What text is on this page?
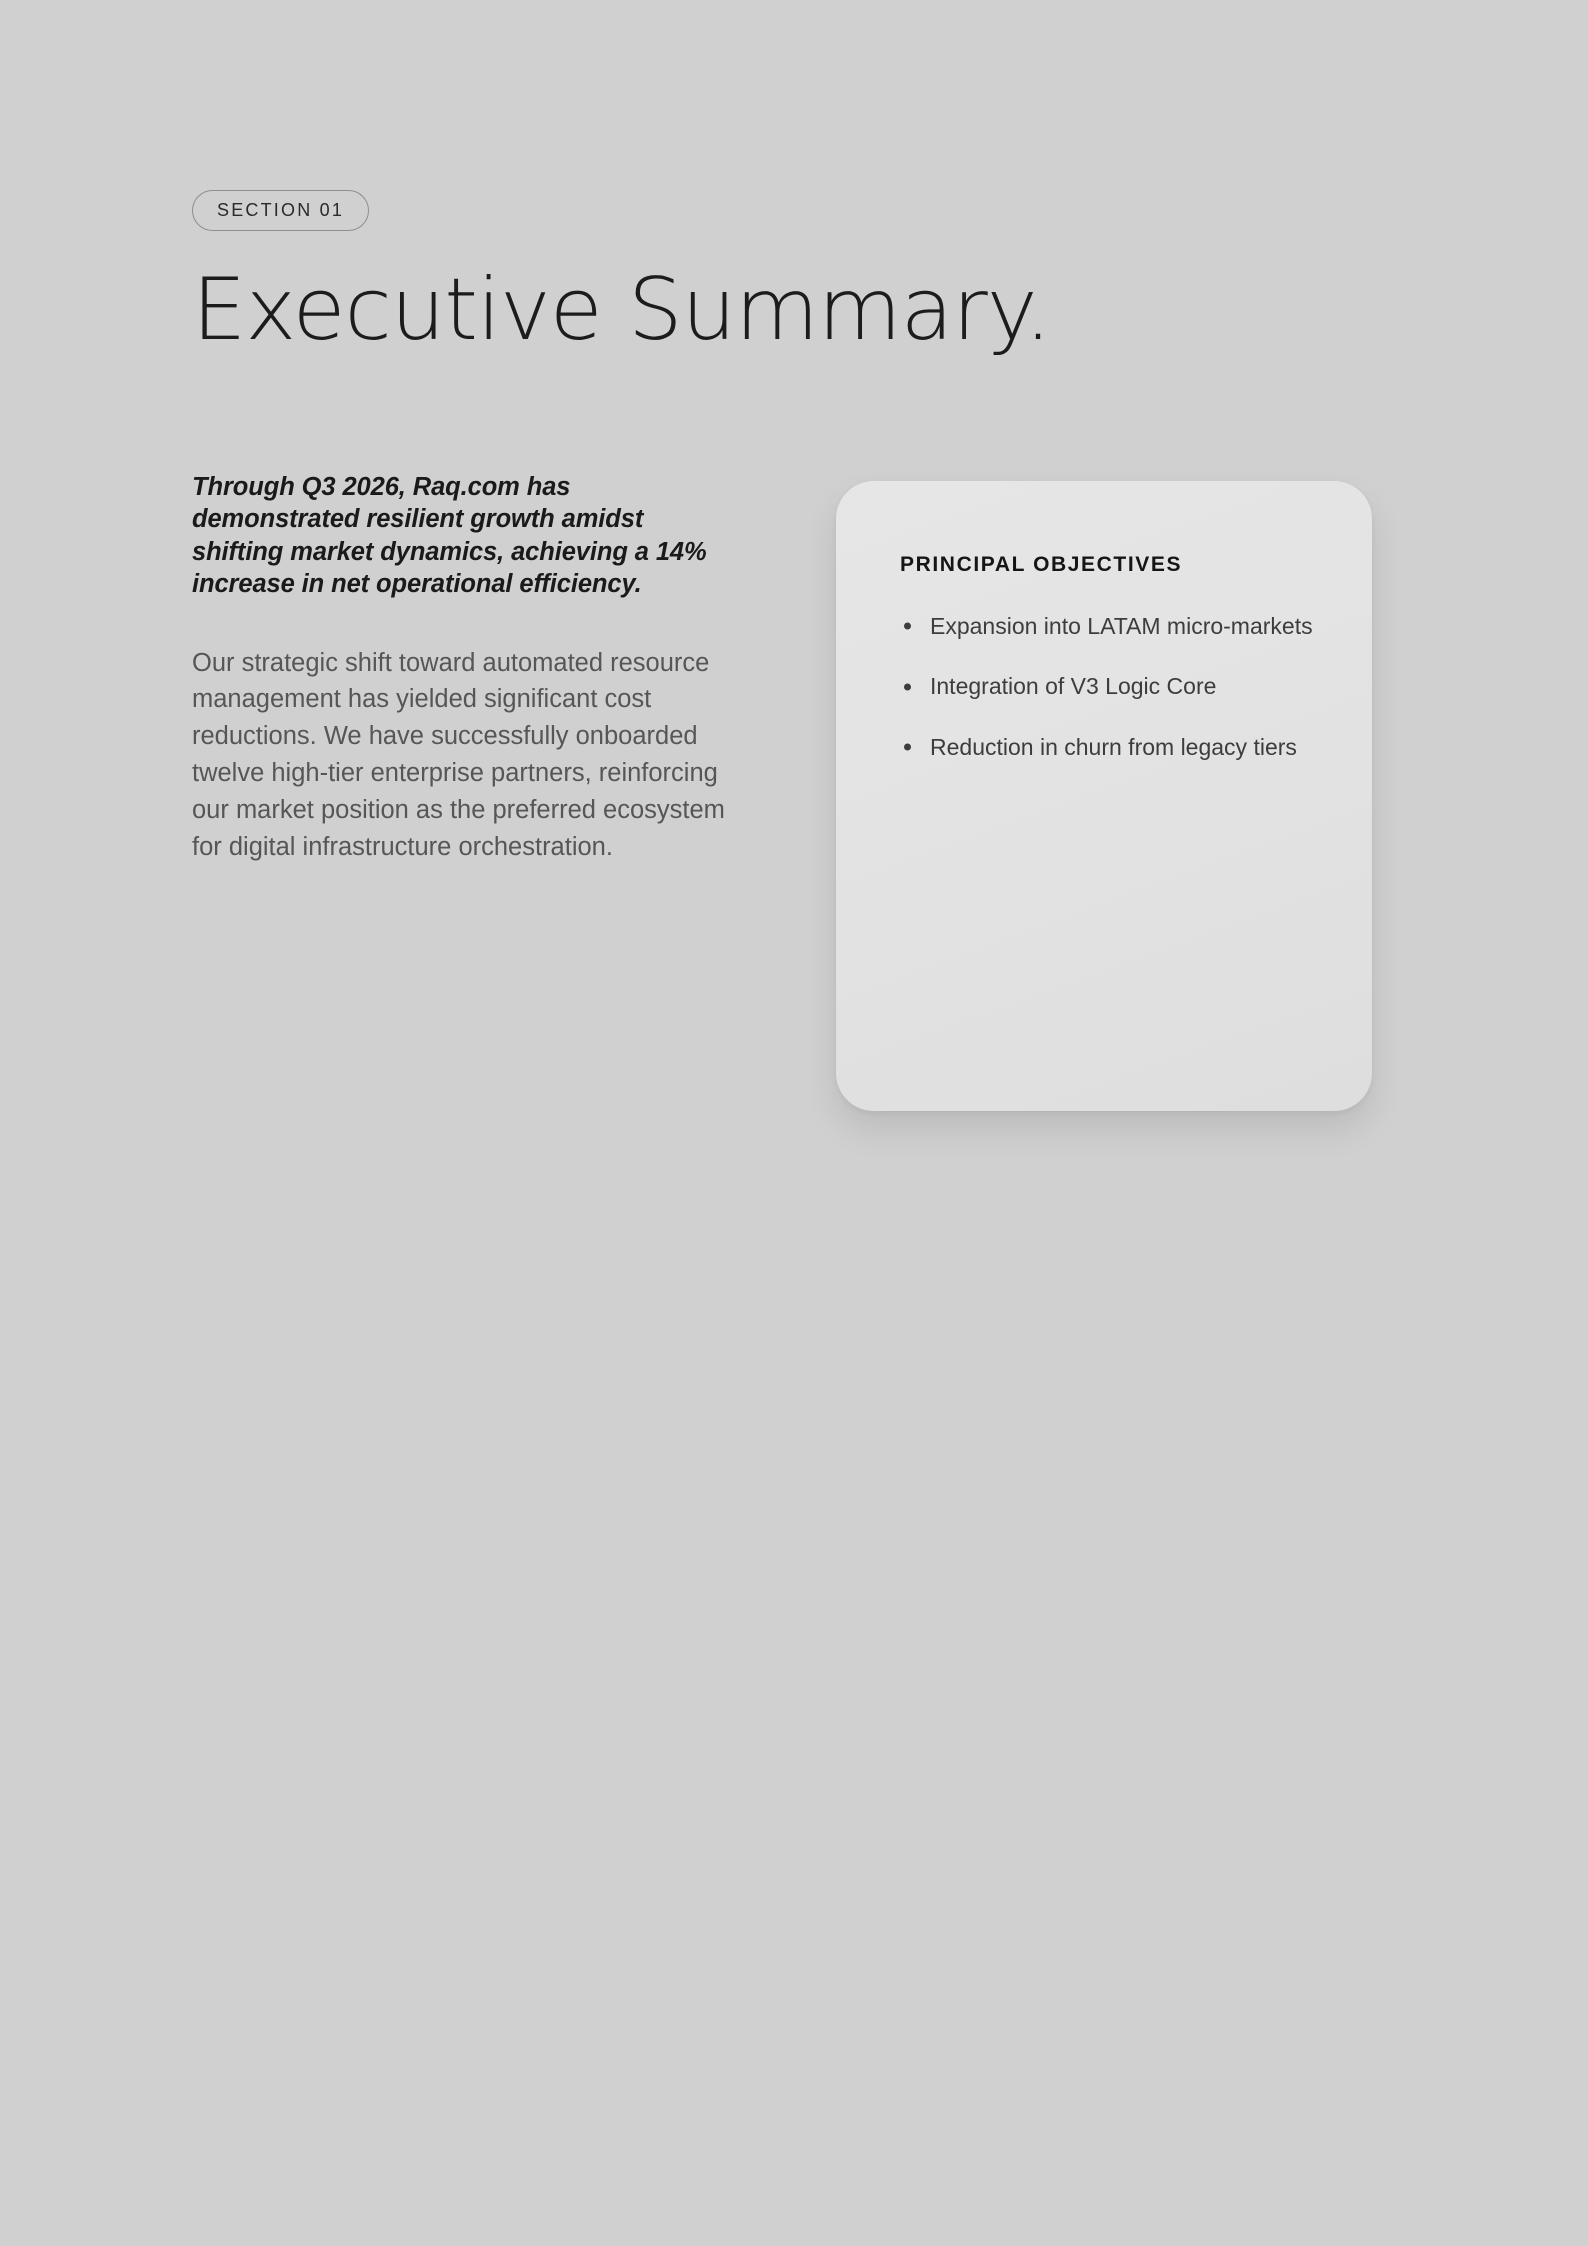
SECTION 01
Executive Summary.

Through Q3 2026, Raq.com has demonstrated resilient growth amidst shifting market dynamics, achieving a 14% increase in net operational efficiency.

Our strategic shift toward automated resource management has yielded significant cost reductions. We have successfully onboarded twelve high-tier enterprise partners, reinforcing our market position as the preferred ecosystem for digital infrastructure orchestration.

PRINCIPAL OBJECTIVES
Expansion into LATAM micro-markets
Integration of V3 Logic Core
Reduction in churn from legacy tiers
